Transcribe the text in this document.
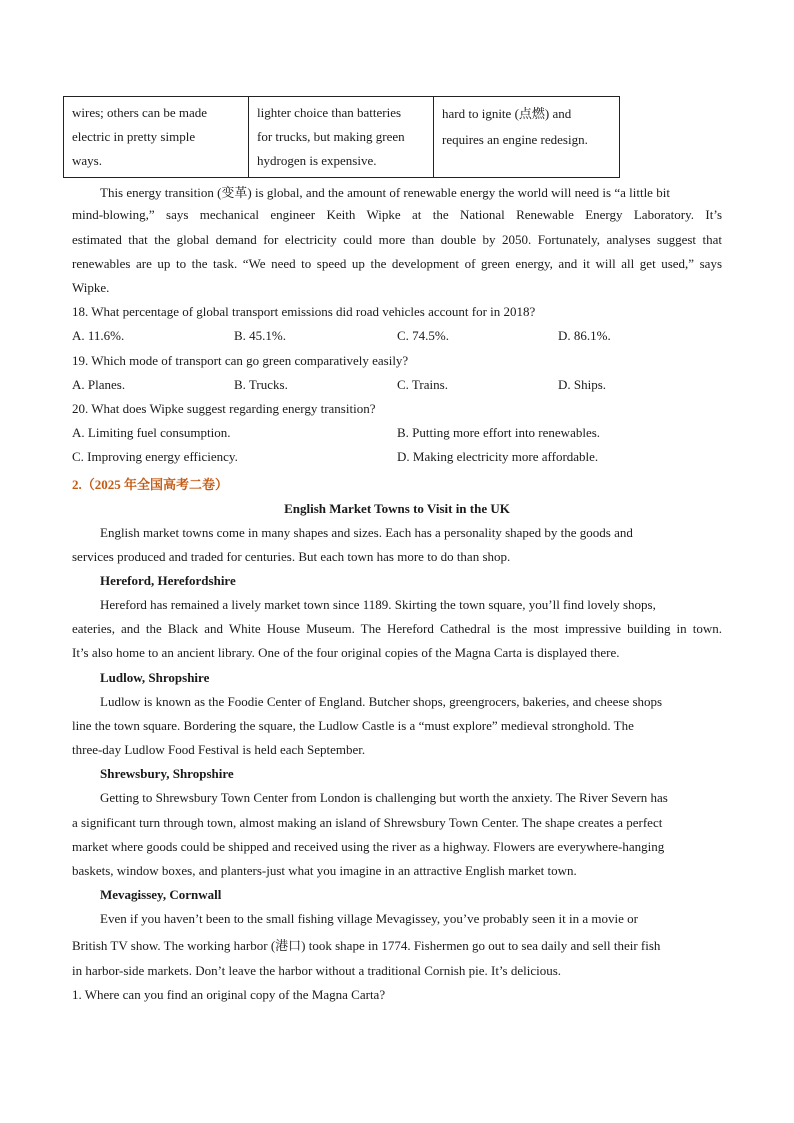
wires; others can be made
electric in pretty simple
ways.

lighter choice than batteries
for trucks, but making green
hydrogen is expensive.

hard to ignite (点燃) and
requires an engine redesign.
This energy transition (变革) is global, and the amount of renewable energy the world will need is “a little bit
mind-blowing,” says mechanical engineer Keith Wipke at the National Renewable Energy Laboratory. It’s
estimated that the global demand for electricity could more than double by 2050. Fortunately, analyses suggest that
renewables are up to the task. “We need to speed up the development of green energy, and it will all get used,” says
Wipke.
18. What percentage of global transport emissions did road vehicles account for in 2018?
A. 11.6%.	B. 45.1%.	C. 74.5%.	D. 86.1%.
19. Which mode of transport can go green comparatively easily?
A. Planes.	B. Trucks.	C. Trains.	D. Ships.
20. What does Wipke suggest regarding energy transition?
A. Limiting fuel consumption.	B. Putting more effort into renewables.
C. Improving energy efficiency.	D. Making electricity more affordable.
2.（2025 年全国高考二卷）
English Market Towns to Visit in the UK
English market towns come in many shapes and sizes. Each has a personality shaped by the goods and
services produced and traded for centuries. But each town has more to do than shop.
Hereford, Herefordshire
Hereford has remained a lively market town since 1189. Skirting the town square, you’ll find lovely shops,
eateries, and the Black and White House Museum. The Hereford Cathedral is the most impressive building in town.
It’s also home to an ancient library. One of the four original copies of the Magna Carta is displayed there.
Ludlow, Shropshire
Ludlow is known as the Foodie Center of England. Butcher shops, greengrocers, bakeries, and cheese shops
line the town square. Bordering the square, the Ludlow Castle is a “must explore” medieval stronghold. The
three-day Ludlow Food Festival is held each September.
Shrewsbury, Shropshire
Getting to Shrewsbury Town Center from London is challenging but worth the anxiety. The River Severn has
a significant turn through town, almost making an island of Shrewsbury Town Center. The shape creates a perfect
market where goods could be shipped and received using the river as a highway. Flowers are everywhere-hanging
baskets, window boxes, and planters-just what you imagine in an attractive English market town.
Mevagissey, Cornwall
Even if you haven’t been to the small fishing village Mevagissey, you’ve probably seen it in a movie or
British TV show. The working harbor (港口) took shape in 1774. Fishermen go out to sea daily and sell their fish
in harbor-side markets. Don’t leave the harbor without a traditional Cornish pie. It’s delicious.
1. Where can you find an original copy of the Magna Carta?
